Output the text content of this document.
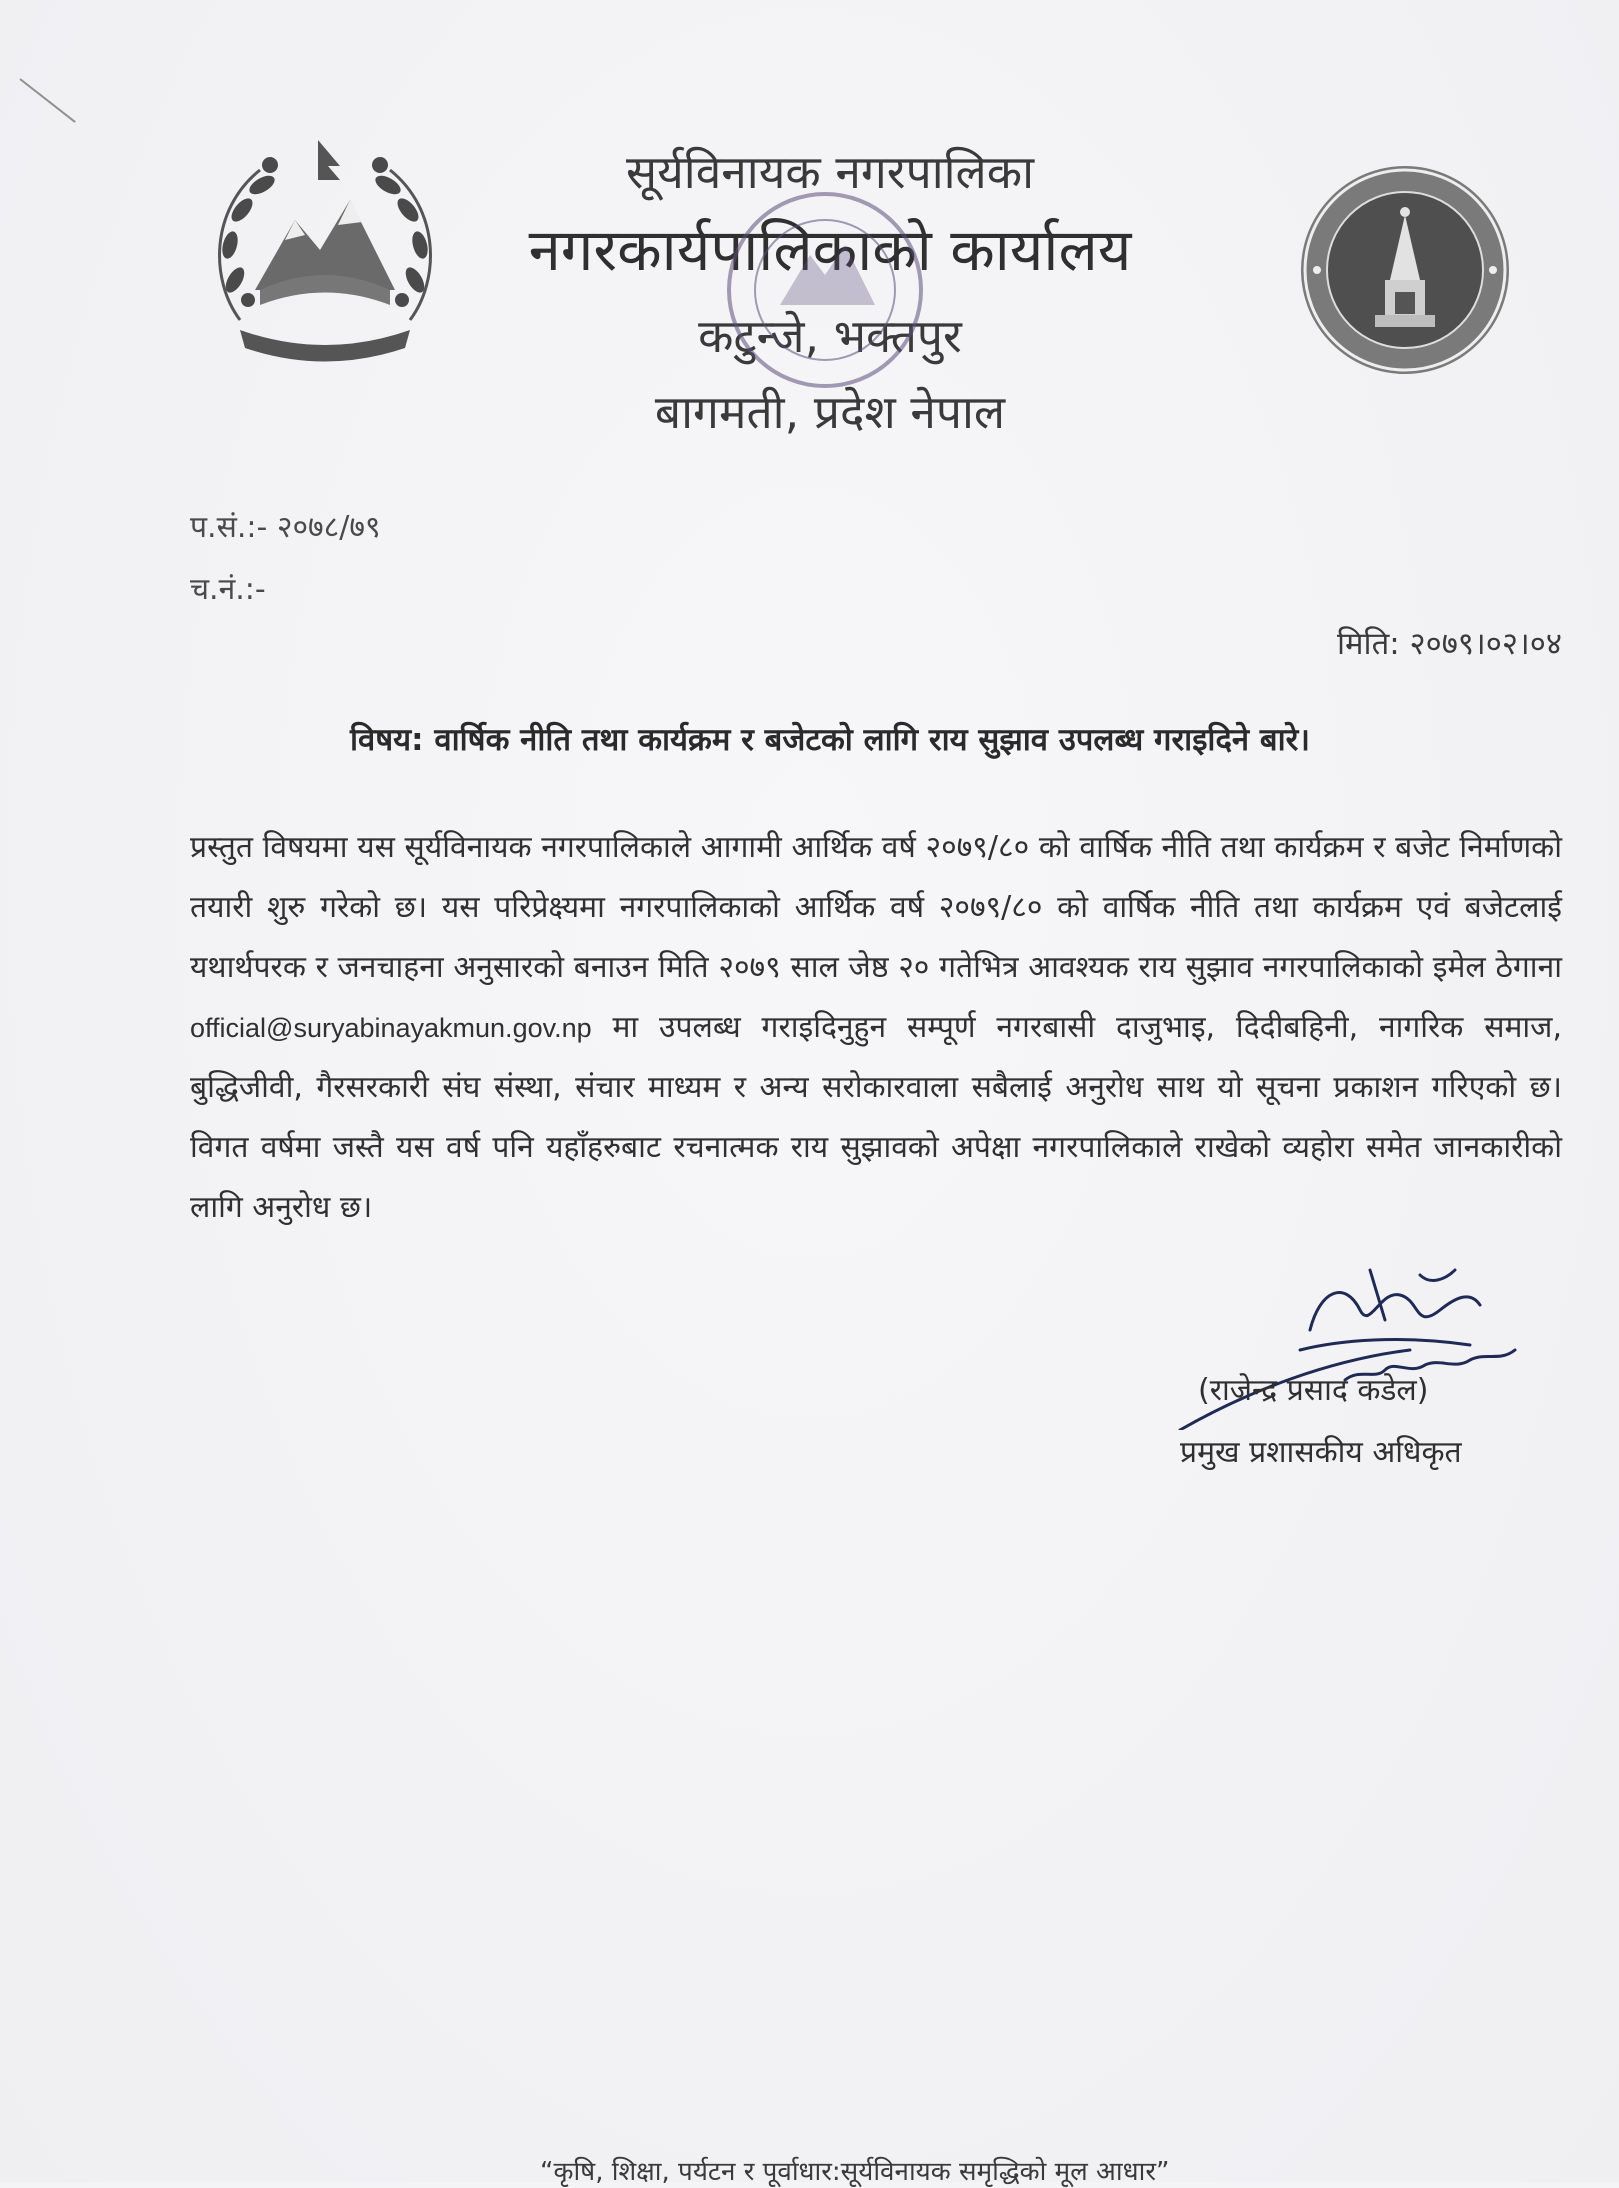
सूर्यविनायक नगरपालिका

नगरकार्यपालिकाको कार्यालय

कटुन्जे, भक्तपुर

बागमती, प्रदेश नेपाल

प.सं.:- २०७८/७९
च.नं.:-
मिति: २०७९।०२।०४
विषय: वार्षिक नीति तथा कार्यक्रम र बजेटको लागि राय सुझाव उपलब्ध गराइदिने बारे।

प्रस्तुत विषयमा यस सूर्यविनायक नगरपालिकाले आगामी आर्थिक वर्ष २०७९/८० को वार्षिक नीति तथा कार्यक्रम र बजेट निर्माणको तयारी शुरु गरेको छ। यस परिप्रेक्ष्यमा नगरपालिकाको आर्थिक वर्ष २०७९/८० को वार्षिक नीति तथा कार्यक्रम एवं बजेटलाई यथार्थपरक र जनचाहना अनुसारको बनाउन मिति २०७९ साल जेष्ठ २० गतेभित्र आवश्यक राय सुझाव नगरपालिकाको इमेल ठेगाना official@suryabinayakmun.gov.np मा उपलब्ध गराइदिनुहुन सम्पूर्ण नगरबासी दाजुभाइ, दिदीबहिनी, नागरिक समाज, बुद्धिजीवी, गैरसरकारी संघ संस्था, संचार माध्यम र अन्य सरोकारवाला सबैलाई अनुरोध साथ यो सूचना प्रकाशन गरिएको छ। विगत वर्षमा जस्तै यस वर्ष पनि यहाँहरुबाट रचनात्मक राय सुझावको अपेक्षा नगरपालिकाले राखेको व्यहोरा समेत जानकारीको लागि अनुरोध छ।

(राजेन्द्र प्रसाद कडेल)
प्रमुख प्रशासकीय अधिकृत
“कृषि, शिक्षा, पर्यटन र पूर्वाधार:सूर्यविनायक समृद्धिको मूल आधार”
